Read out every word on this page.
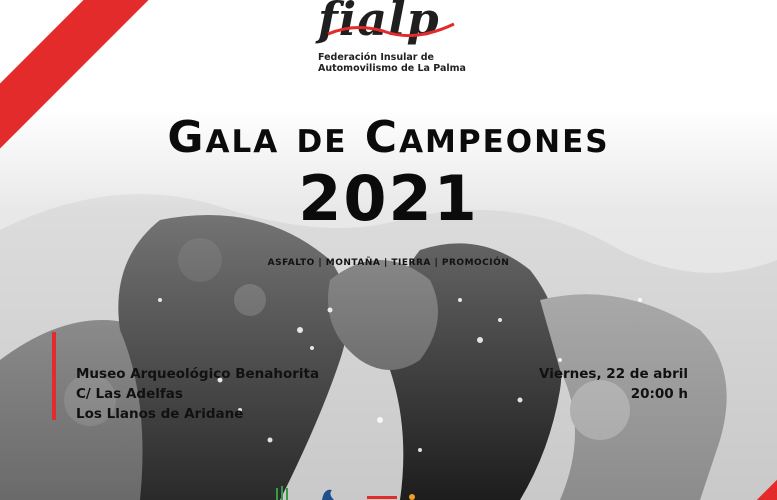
fialp
Federación Insular de
Automovilismo de La Palma
Gala de Campeones
2021
ASFALTO | MONTAÑA | TIERRA | PROMOCIÓN
Museo Arqueológico Benahorita
C/ Las Adelfas
Los Llanos de Aridane
Viernes, 22 de abril
20:00 h
